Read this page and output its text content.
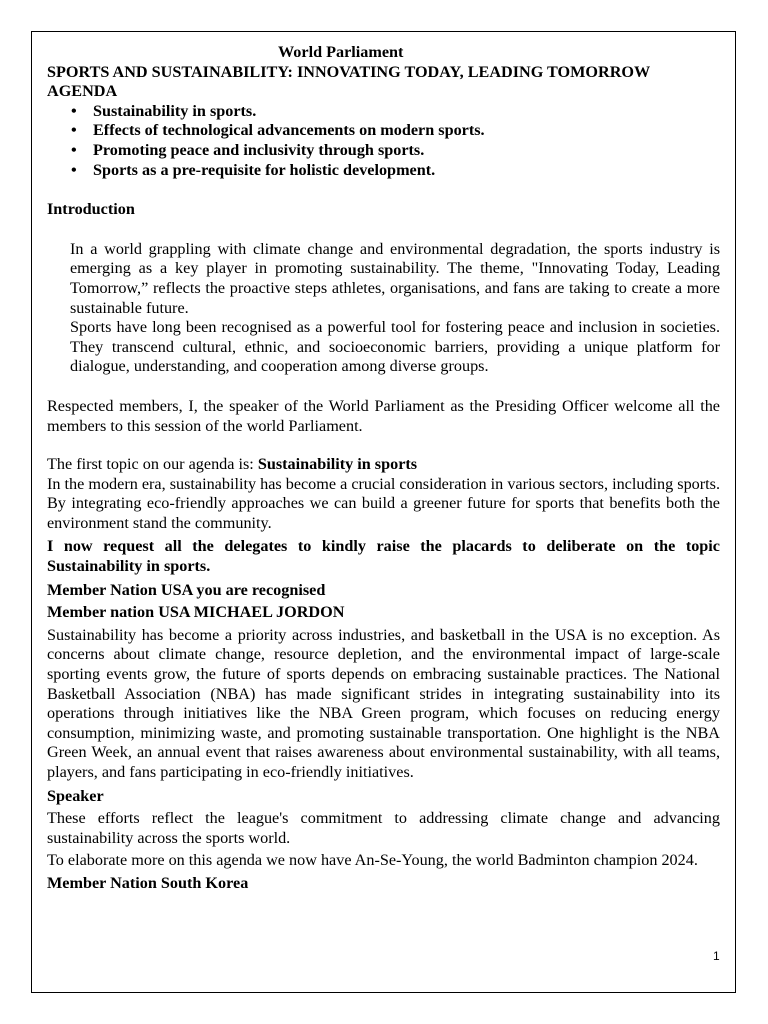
World Parliament
SPORTS AND SUSTAINABILITY: INNOVATING TODAY, LEADING TOMORROW
AGENDA
• Sustainability in sports.
• Effects of technological advancements on modern sports.
• Promoting peace and inclusivity through sports.
• Sports as a pre-requisite for holistic development.
Introduction

In a world grappling with climate change and environmental degradation, the sports industry is emerging as a key player in promoting sustainability. The theme, "Innovating Today, Leading Tomorrow,” reflects the proactive steps athletes, organisations, and fans are taking to create a more sustainable future.

Sports have long been recognised as a powerful tool for fostering peace and inclusion in societies. They transcend cultural, ethnic, and socioeconomic barriers, providing a unique platform for dialogue, understanding, and cooperation among diverse groups.

Respected members, I, the speaker of the World Parliament as the Presiding Officer welcome all the members to this session of the world Parliament.

The first topic on our agenda is: Sustainability in sports

In the modern era, sustainability has become a crucial consideration in various sectors, including sports. By integrating eco-friendly approaches we can build a greener future for sports that benefits both the environment stand the community.

I now request all the delegates to kindly raise the placards to deliberate on the topic Sustainability in sports.

Member Nation USA you are recognised

Member nation USA MICHAEL JORDON

Sustainability has become a priority across industries, and basketball in the USA is no exception. As concerns about climate change, resource depletion, and the environmental impact of large-scale sporting events grow, the future of sports depends on embracing sustainable practices. The National Basketball Association (NBA) has made significant strides in integrating sustainability into its operations through initiatives like the NBA Green program, which focuses on reducing energy consumption, minimizing waste, and promoting sustainable transportation. One highlight is the NBA Green Week, an annual event that raises awareness about environmental sustainability, with all teams, players, and fans participating in eco-friendly initiatives.

Speaker

These efforts reflect the league's commitment to addressing climate change and advancing sustainability across the sports world.

To elaborate more on this agenda we now have An-Se-Young, the world Badminton champion 2024.

Member Nation South Korea

1
